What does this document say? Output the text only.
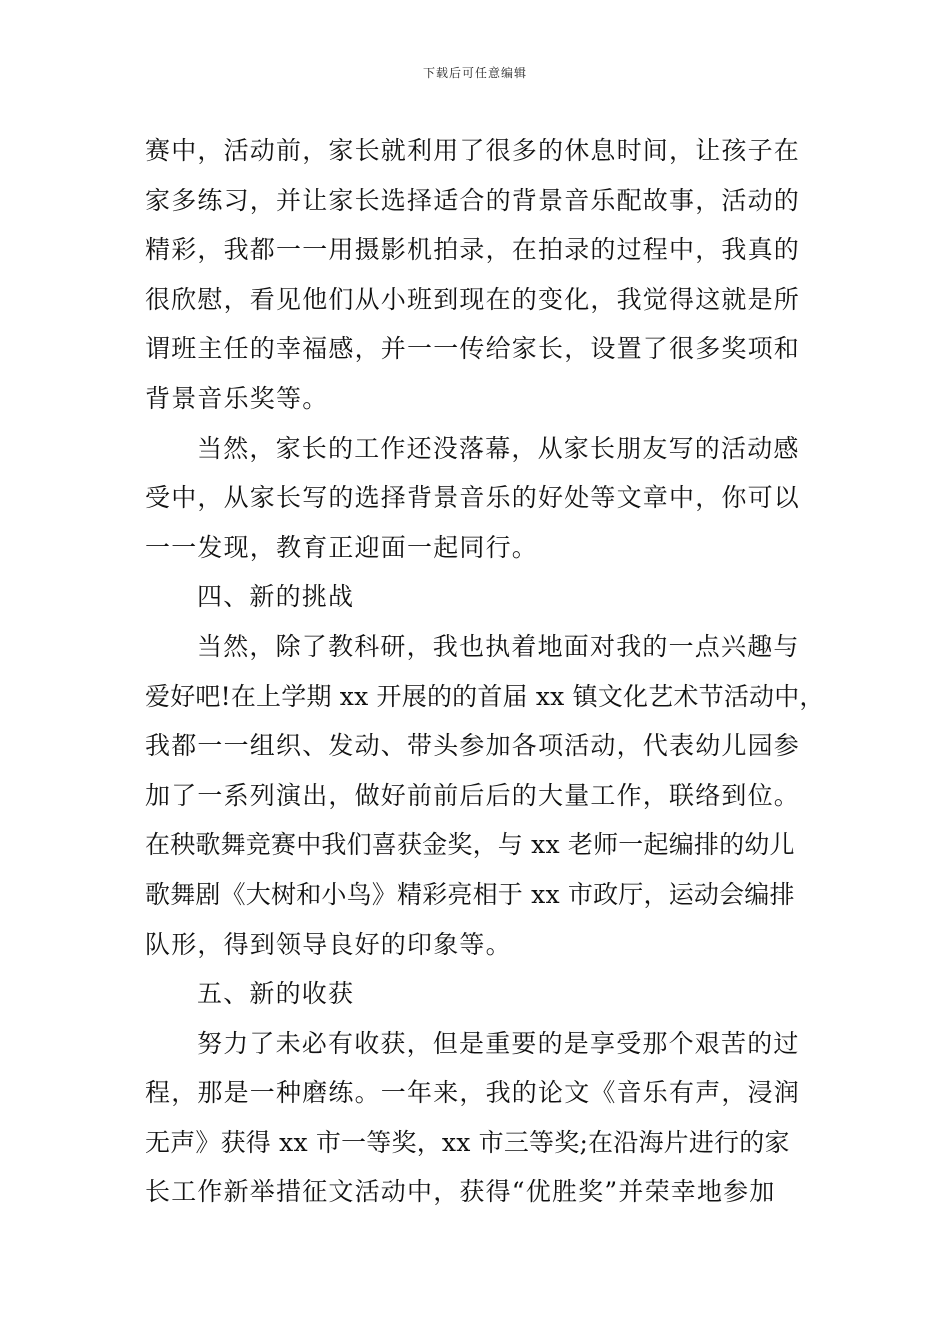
下载后可任意编辑
赛中，活动前，家长就利用了很多的休息时间，让孩子在
家多练习，并让家长选择适合的背景音乐配故事，活动的
精彩，我都一一用摄影机拍录，在拍录的过程中，我真的
很欣慰，看见他们从小班到现在的变化，我觉得这就是所
谓班主任的幸福感，并一一传给家长，设置了很多奖项和
背景音乐奖等。
当然，家长的工作还没落幕，从家长朋友写的活动感
受中，从家长写的选择背景音乐的好处等文章中，你可以
一一发现，教育正迎面一起同行。
四、新的挑战
当然，除了教科研，我也执着地面对我的一点兴趣与
爱好吧!在上学期 xx 开展的的首届 xx 镇文化艺术节活动中，
我都一一组织、发动、带头参加各项活动，代表幼儿园参
加了一系列演出，做好前前后后的大量工作，联络到位。
在秧歌舞竞赛中我们喜获金奖，与 xx 老师一起编排的幼儿
歌舞剧《大树和小鸟》精彩亮相于 xx 市政厅，运动会编排
队形，得到领导良好的印象等。
五、新的收获
努力了未必有收获，但是重要的是享受那个艰苦的过
程，那是一种磨练。一年来，我的论文《音乐有声，浸润
无声》获得 xx 市一等奖，xx 市三等奖;在沿海片进行的家
长工作新举措征文活动中，获得“优胜奖”并荣幸地参加
